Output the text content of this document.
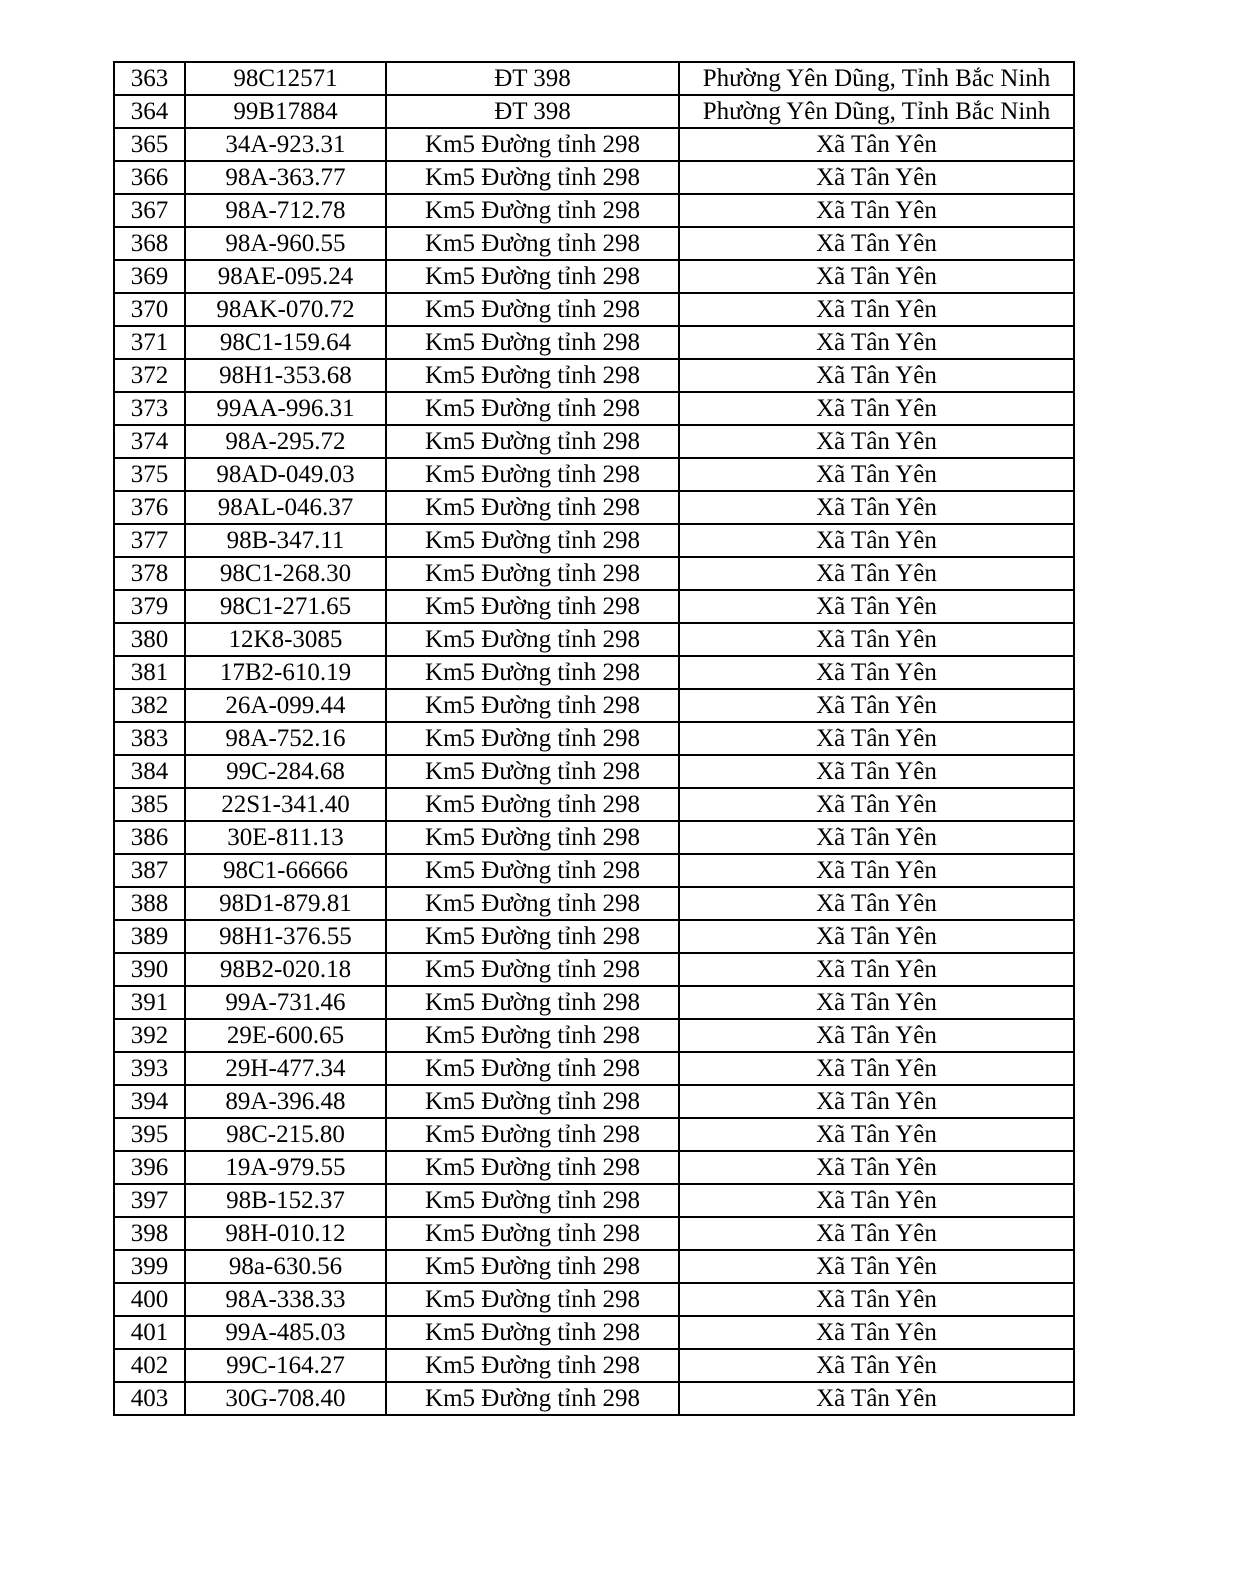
363	98C12571	ĐT 398	Phường Yên Dũng, Tỉnh Bắc Ninh
364	99B17884	ĐT 398	Phường Yên Dũng, Tỉnh Bắc Ninh
365	34A-923.31	Km5 Đường tỉnh 298	Xã Tân Yên
366	98A-363.77	Km5 Đường tỉnh 298	Xã Tân Yên
367	98A-712.78	Km5 Đường tỉnh 298	Xã Tân Yên
368	98A-960.55	Km5 Đường tỉnh 298	Xã Tân Yên
369	98AE-095.24	Km5 Đường tỉnh 298	Xã Tân Yên
370	98AK-070.72	Km5 Đường tỉnh 298	Xã Tân Yên
371	98C1-159.64	Km5 Đường tỉnh 298	Xã Tân Yên
372	98H1-353.68	Km5 Đường tỉnh 298	Xã Tân Yên
373	99AA-996.31	Km5 Đường tỉnh 298	Xã Tân Yên
374	98A-295.72	Km5 Đường tỉnh 298	Xã Tân Yên
375	98AD-049.03	Km5 Đường tỉnh 298	Xã Tân Yên
376	98AL-046.37	Km5 Đường tỉnh 298	Xã Tân Yên
377	98B-347.11	Km5 Đường tỉnh 298	Xã Tân Yên
378	98C1-268.30	Km5 Đường tỉnh 298	Xã Tân Yên
379	98C1-271.65	Km5 Đường tỉnh 298	Xã Tân Yên
380	12K8-3085	Km5 Đường tỉnh 298	Xã Tân Yên
381	17B2-610.19	Km5 Đường tỉnh 298	Xã Tân Yên
382	26A-099.44	Km5 Đường tỉnh 298	Xã Tân Yên
383	98A-752.16	Km5 Đường tỉnh 298	Xã Tân Yên
384	99C-284.68	Km5 Đường tỉnh 298	Xã Tân Yên
385	22S1-341.40	Km5 Đường tỉnh 298	Xã Tân Yên
386	30E-811.13	Km5 Đường tỉnh 298	Xã Tân Yên
387	98C1-66666	Km5 Đường tỉnh 298	Xã Tân Yên
388	98D1-879.81	Km5 Đường tỉnh 298	Xã Tân Yên
389	98H1-376.55	Km5 Đường tỉnh 298	Xã Tân Yên
390	98B2-020.18	Km5 Đường tỉnh 298	Xã Tân Yên
391	99A-731.46	Km5 Đường tỉnh 298	Xã Tân Yên
392	29E-600.65	Km5 Đường tỉnh 298	Xã Tân Yên
393	29H-477.34	Km5 Đường tỉnh 298	Xã Tân Yên
394	89A-396.48	Km5 Đường tỉnh 298	Xã Tân Yên
395	98C-215.80	Km5 Đường tỉnh 298	Xã Tân Yên
396	19A-979.55	Km5 Đường tỉnh 298	Xã Tân Yên
397	98B-152.37	Km5 Đường tỉnh 298	Xã Tân Yên
398	98H-010.12	Km5 Đường tỉnh 298	Xã Tân Yên
399	98a-630.56	Km5 Đường tỉnh 298	Xã Tân Yên
400	98A-338.33	Km5 Đường tỉnh 298	Xã Tân Yên
401	99A-485.03	Km5 Đường tỉnh 298	Xã Tân Yên
402	99C-164.27	Km5 Đường tỉnh 298	Xã Tân Yên
403	30G-708.40	Km5 Đường tỉnh 298	Xã Tân Yên
